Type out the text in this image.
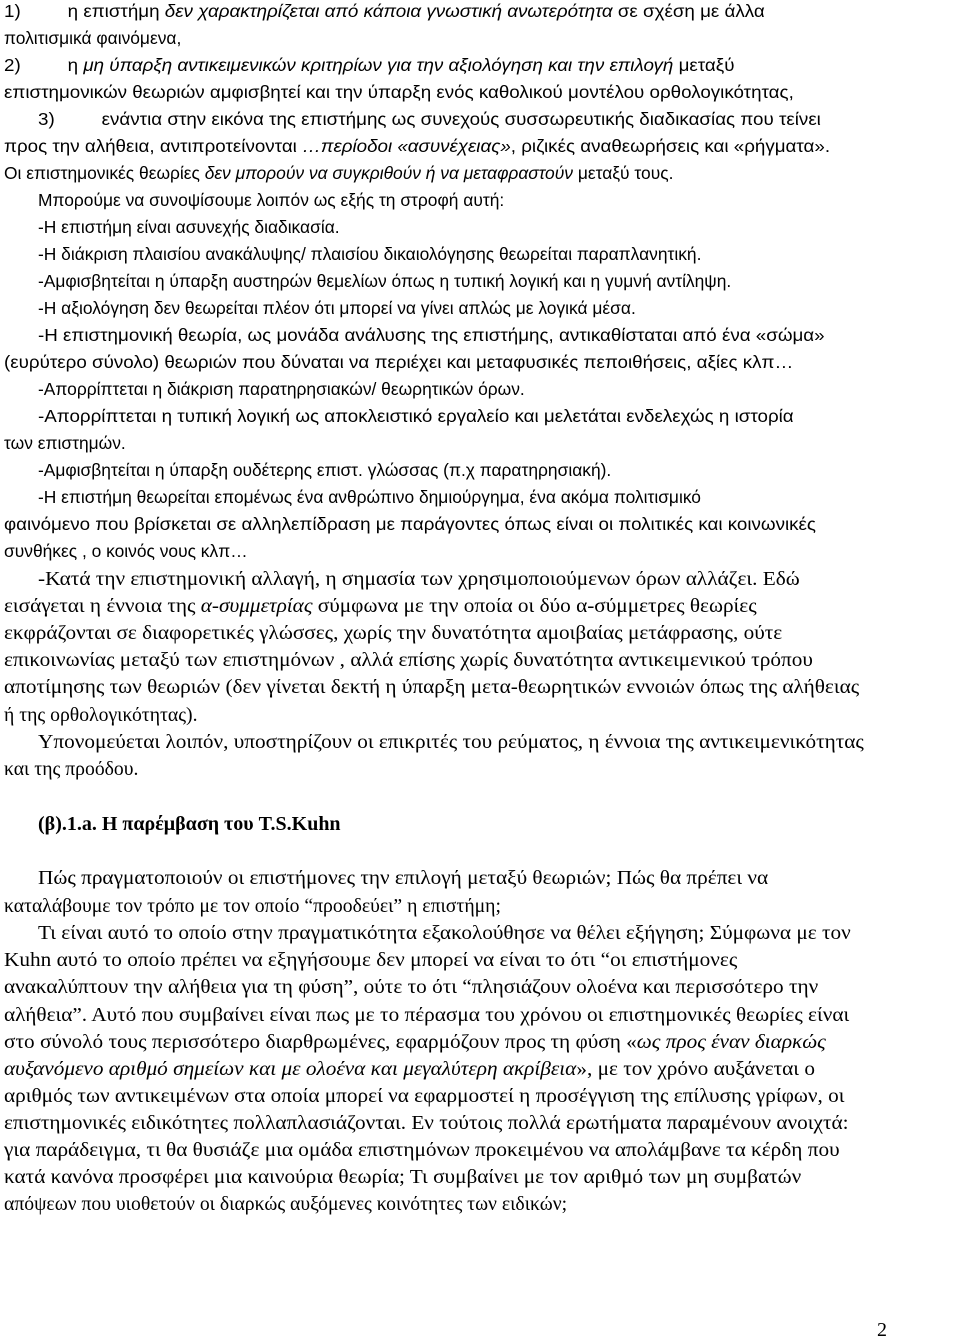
1)         η επιστήμη δεν χαρακτηρίζεται από κάποια γνωστική ανωτερότητα σε σχέση με άλλα
πολιτισμικά φαινόμενα,
2)         η μη ύπαρξη αντικειμενικών κριτηρίων για την αξιολόγηση και την επιλογή μεταξύ
επιστημονικών θεωριών αμφισβητεί και την ύπαρξη ενός καθολικού μοντέλου ορθολογικότητας,
3)         ενάντια στην εικόνα της επιστήμης ως συνεχούς συσσωρευτικής διαδικασίας που τείνει
προς την αλήθεια, αντιπροτείνονται …περίοδοι «ασυνέχειας», ριζικές αναθεωρήσεις και «ρήγματα».
Οι επιστημονικές θεωρίες δεν μπορούν να συγκριθούν ή να μεταφραστούν μεταξύ τους.
Μπορούμε να συνοψίσουμε λοιπόν ως εξής τη στροφή αυτή:
-Η επιστήμη είναι ασυνεχής διαδικασία.
-Η διάκριση πλαισίου ανακάλυψης/ πλαισίου δικαιολόγησης θεωρείται παραπλανητική.
-Αμφισβητείται η ύπαρξη αυστηρών θεμελίων όπως η τυπική λογική και η γυμνή αντίληψη.
-Η αξιολόγηση δεν θεωρείται πλέον ότι μπορεί να γίνει απλώς με λογικά μέσα.
-Η επιστημονική θεωρία, ως μονάδα ανάλυσης της επιστήμης, αντικαθίσταται από ένα «σώμα»
(ευρύτερο σύνολο) θεωριών που δύναται να περιέχει και μεταφυσικές πεποιθήσεις, αξίες κλπ…
-Απορρίπτεται η διάκριση παρατηρησιακών/ θεωρητικών όρων.
-Απορρίπτεται η τυπική λογική ως αποκλειστικό εργαλείο και μελετάται ενδελεχώς η ιστορία
των επιστημών.
-Αμφισβητείται η ύπαρξη ουδέτερης επιστ. γλώσσας (π.χ παρατηρησιακή).
-Η επιστήμη θεωρείται επομένως ένα ανθρώπινο δημιούργημα, ένα ακόμα πολιτισμικό
φαινόμενο που βρίσκεται σε αλληλεπίδραση με παράγοντες όπως είναι οι πολιτικές και κοινωνικές
συνθήκες , ο κοινός νους κλπ…
-Κατά την επιστημονική αλλαγή, η σημασία των χρησιμοποιούμενων όρων αλλάζει. Εδώ
εισάγεται η έννοια της α-συμμετρίας σύμφωνα με την οποία οι δύο α-σύμμετρες θεωρίες
εκφράζονται σε διαφορετικές γλώσσες, χωρίς την δυνατότητα αμοιβαίας μετάφρασης, ούτε
επικοινωνίας μεταξύ των επιστημόνων , αλλά επίσης χωρίς δυνατότητα αντικειμενικού τρόπου
αποτίμησης των θεωριών (δεν γίνεται δεκτή η ύπαρξη μετα-θεωρητικών εννοιών όπως της αλήθειας
ή της ορθολογικότητας).
Υπονομεύεται λοιπόν, υποστηρίζουν οι επικριτές του ρεύματος, η έννοια της αντικειμενικότητας
και της προόδου.
(β).1.a. Η παρέμβαση του T.S.Kuhn
Πώς πραγματοποιούν οι επιστήμονες την επιλογή μεταξύ θεωριών; Πώς θα πρέπει να
καταλάβουμε τον τρόπο με τον οποίο “προοδεύει” η επιστήμη;
Τι είναι αυτό το οποίο στην πραγματικότητα εξακολούθησε να θέλει εξήγηση; Σύμφωνα με τον
Kuhn αυτό το οποίο πρέπει να εξηγήσουμε δεν μπορεί να είναι το ότι “οι επιστήμονες
ανακαλύπτουν την αλήθεια για τη φύση”, ούτε το ότι “πλησιάζουν ολοένα και περισσότερο την
αλήθεια”. Αυτό που συμβαίνει είναι πως με το πέρασμα του χρόνου οι επιστημονικές θεωρίες είναι
στο σύνολό τους περισσότερο διαρθρωμένες, εφαρμόζουν προς τη φύση «ως προς έναν διαρκώς
αυξανόμενο αριθμό σημείων και με ολοένα και μεγαλύτερη ακρίβεια», με τον χρόνο αυξάνεται ο
αριθμός των αντικειμένων στα οποία μπορεί να εφαρμοστεί η προσέγγιση της επίλυσης γρίφων, οι
επιστημονικές ειδικότητες πολλαπλασιάζονται. Εν τούτοις πολλά ερωτήματα παραμένουν ανοιχτά:
για παράδειγμα, τι θα θυσιάζε μια ομάδα επιστημόνων προκειμένου να απολάμβανε τα κέρδη που
κατά κανόνα προσφέρει μια καινούρια θεωρία; Τι συμβαίνει με τον αριθμό των μη συμβατών
απόψεων που υιοθετούν οι διαρκώς αυξόμενες κοινότητες των ειδικών;
2
